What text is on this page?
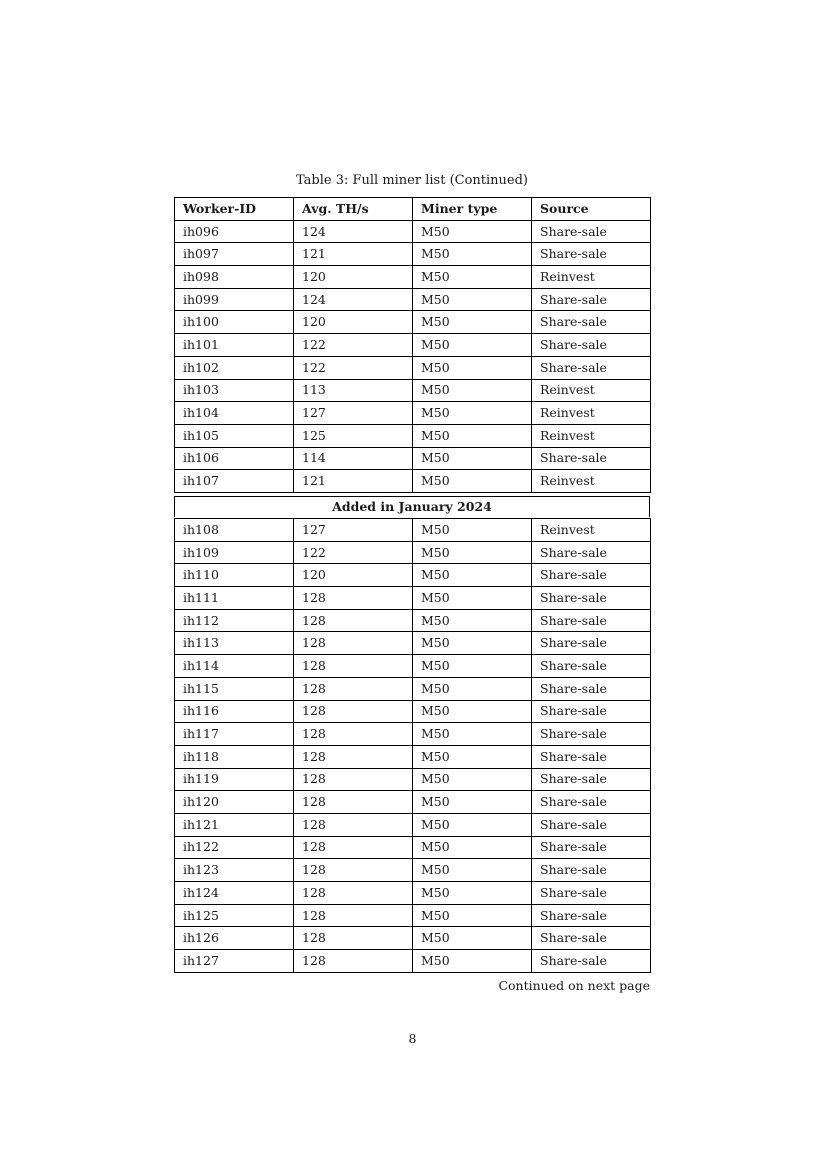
Table 3: Full miner list (Continued)
Worker-ID	Avg. TH/s	Miner type	Source
ih096	124	M50	Share-sale
ih097	121	M50	Share-sale
ih098	120	M50	Reinvest
ih099	124	M50	Share-sale
ih100	120	M50	Share-sale
ih101	122	M50	Share-sale
ih102	122	M50	Share-sale
ih103	113	M50	Reinvest
ih104	127	M50	Reinvest
ih105	125	M50	Reinvest
ih106	114	M50	Share-sale
ih107	121	M50	Reinvest
Added in January 2024
ih108	127	M50	Reinvest
ih109	122	M50	Share-sale
ih110	120	M50	Share-sale
ih111	128	M50	Share-sale
ih112	128	M50	Share-sale
ih113	128	M50	Share-sale
ih114	128	M50	Share-sale
ih115	128	M50	Share-sale
ih116	128	M50	Share-sale
ih117	128	M50	Share-sale
ih118	128	M50	Share-sale
ih119	128	M50	Share-sale
ih120	128	M50	Share-sale
ih121	128	M50	Share-sale
ih122	128	M50	Share-sale
ih123	128	M50	Share-sale
ih124	128	M50	Share-sale
ih125	128	M50	Share-sale
ih126	128	M50	Share-sale
ih127	128	M50	Share-sale
Continued on next page
8
